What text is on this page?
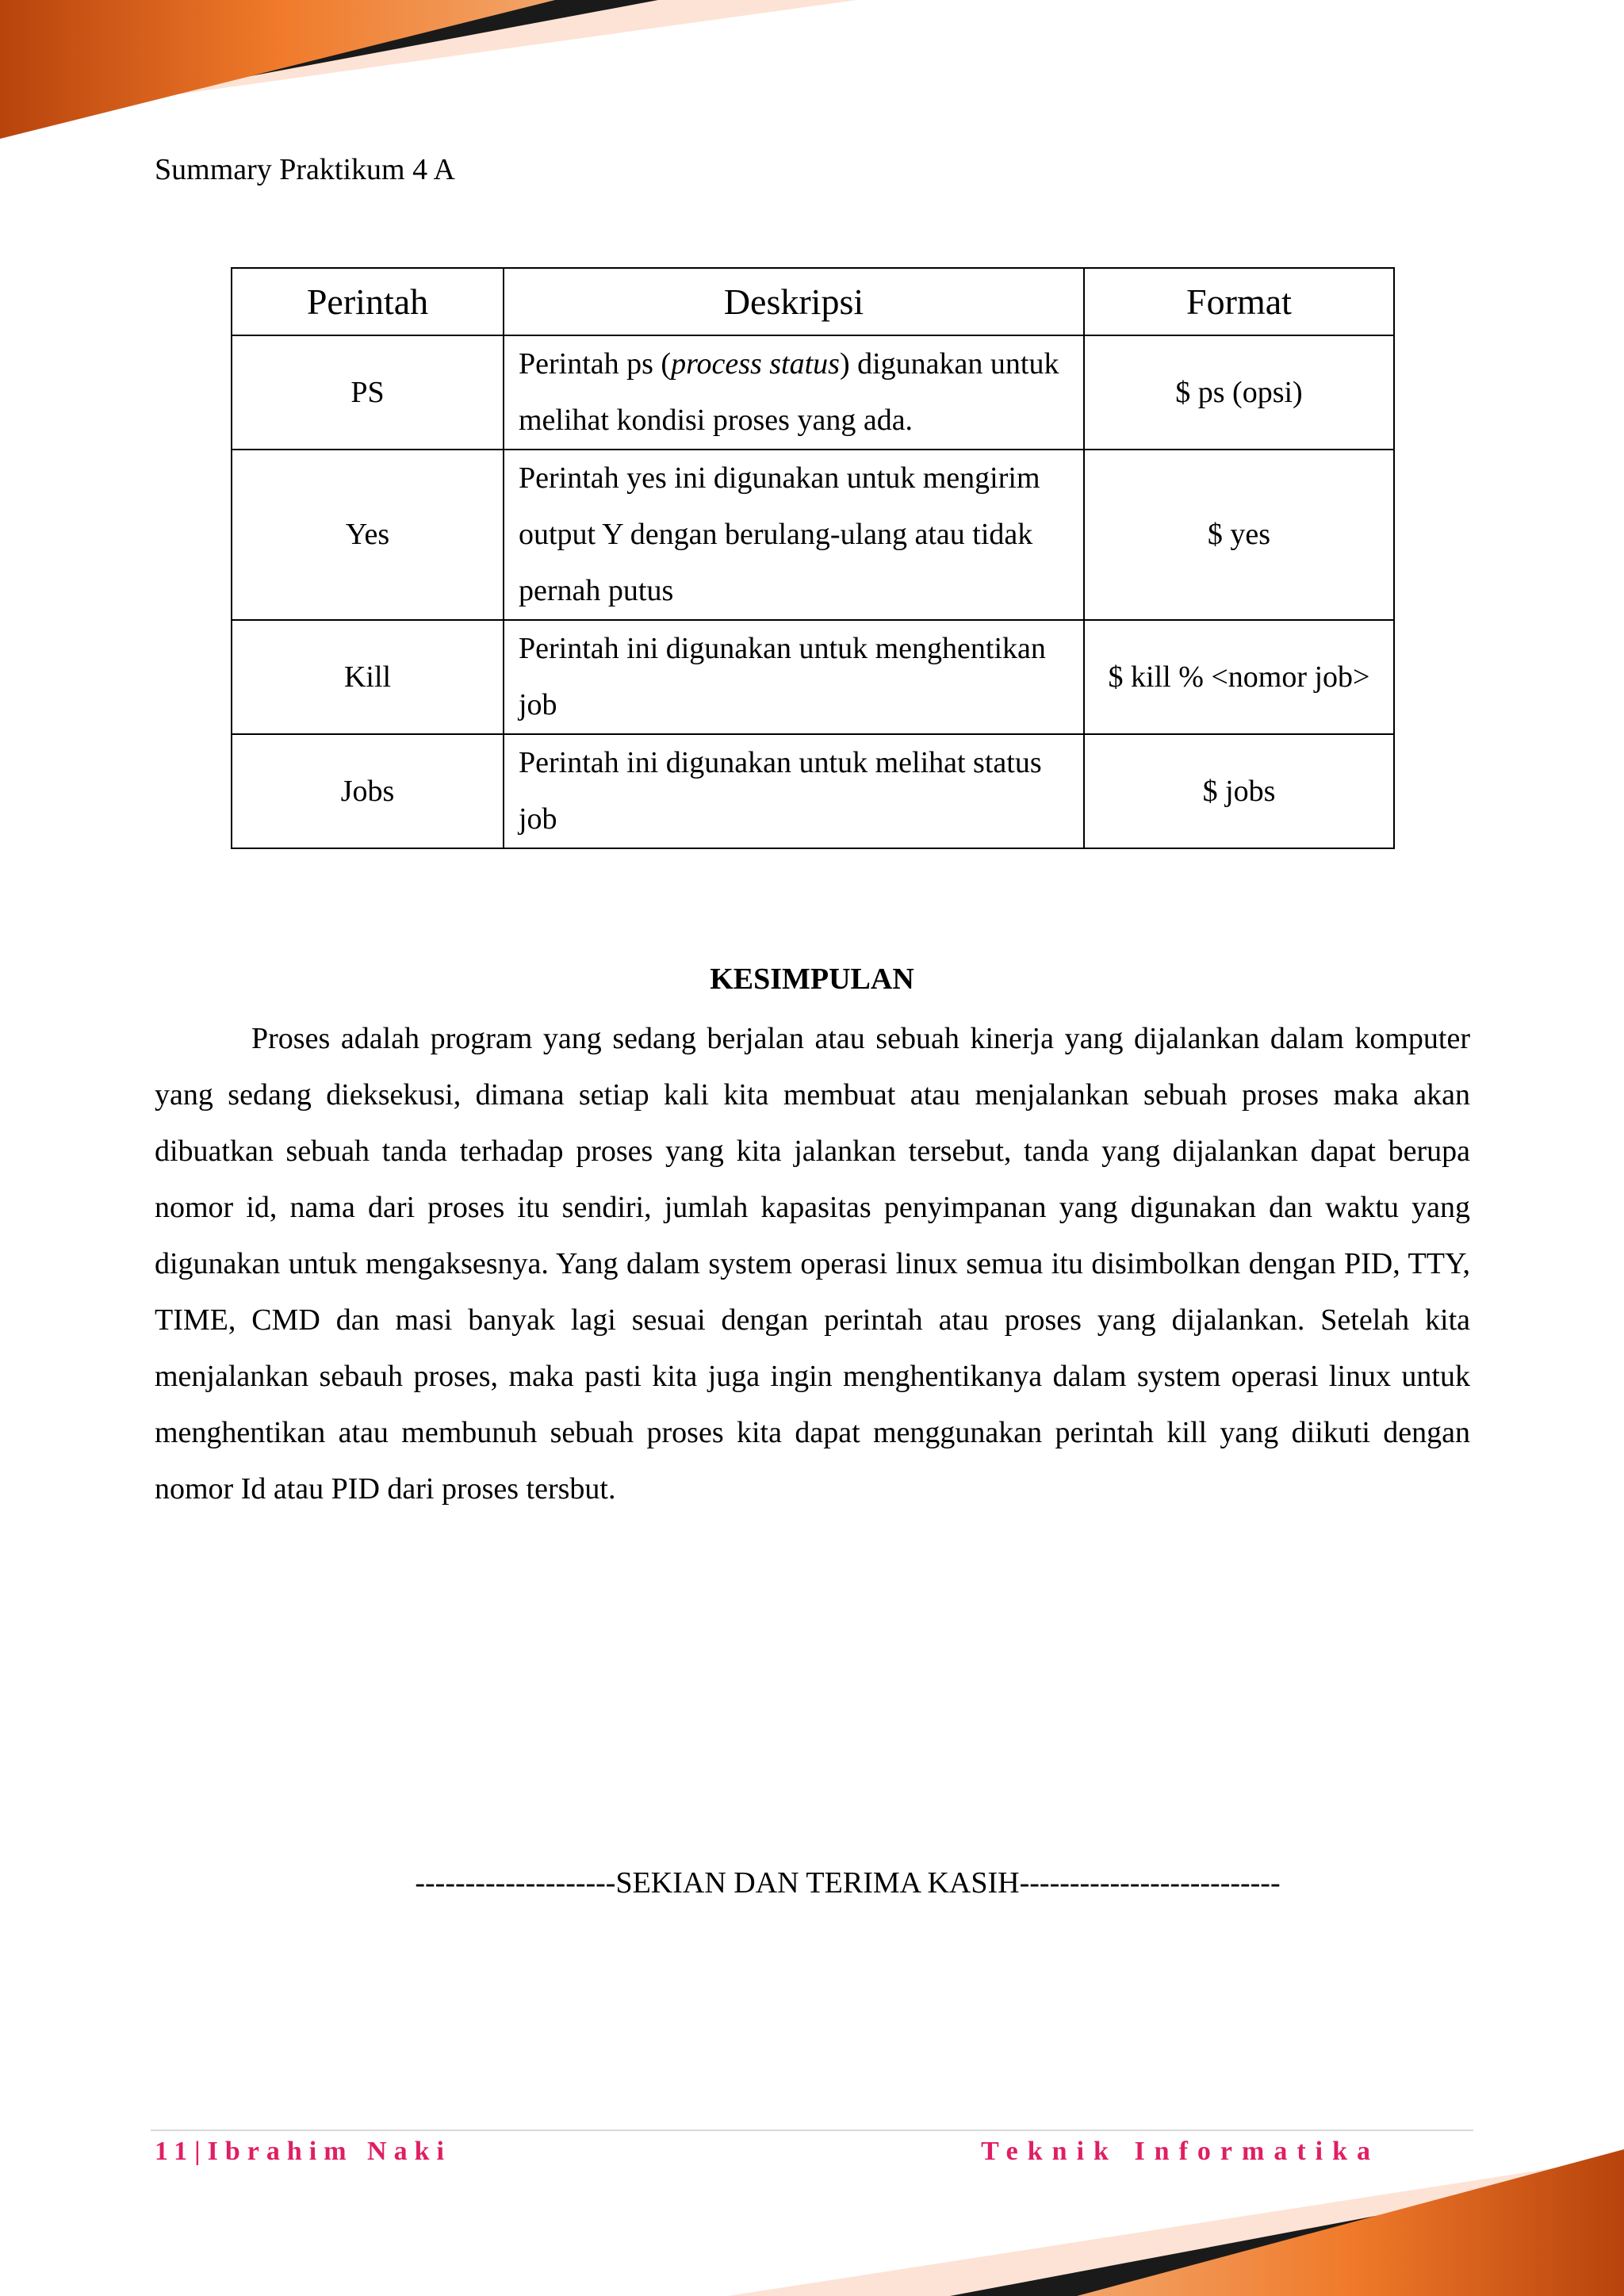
Summary Praktikum 4 A
Perintah	Deskripsi	Format
PS	Perintah ps (process status) digunakan untuk melihat kondisi proses yang ada.	$ ps (opsi)
Yes	Perintah yes ini digunakan untuk mengirim output Y dengan berulang-ulang atau tidak pernah putus	$ yes
Kill	Perintah ini digunakan untuk menghentikan job	$ kill % <nomor job>
Jobs	Perintah ini digunakan untuk melihat status job	$ jobs
KESIMPULAN

Proses adalah program yang sedang berjalan atau sebuah kinerja yang dijalankan dalam komputer yang sedang dieksekusi, dimana setiap kali kita membuat atau menjalankan sebuah proses maka akan dibuatkan sebuah tanda terhadap proses yang kita jalankan tersebut, tanda yang dijalankan dapat berupa nomor id, nama dari proses itu sendiri, jumlah kapasitas penyimpanan yang digunakan dan waktu yang digunakan untuk mengaksesnya. Yang dalam system operasi linux semua itu disimbolkan dengan PID, TTY, TIME, CMD dan masi banyak lagi sesuai dengan perintah atau proses yang dijalankan. Setelah kita menjalankan sebauh proses, maka pasti kita juga ingin menghentikanya dalam system operasi linux untuk menghentikan atau membunuh sebuah proses kita dapat menggunakan perintah kill yang diikuti dengan nomor Id atau PID dari proses tersbut.

--------------------SEKIAN DAN TERIMA KASIH--------------------------
11|Ibrahim Naki	Teknik Informatika
